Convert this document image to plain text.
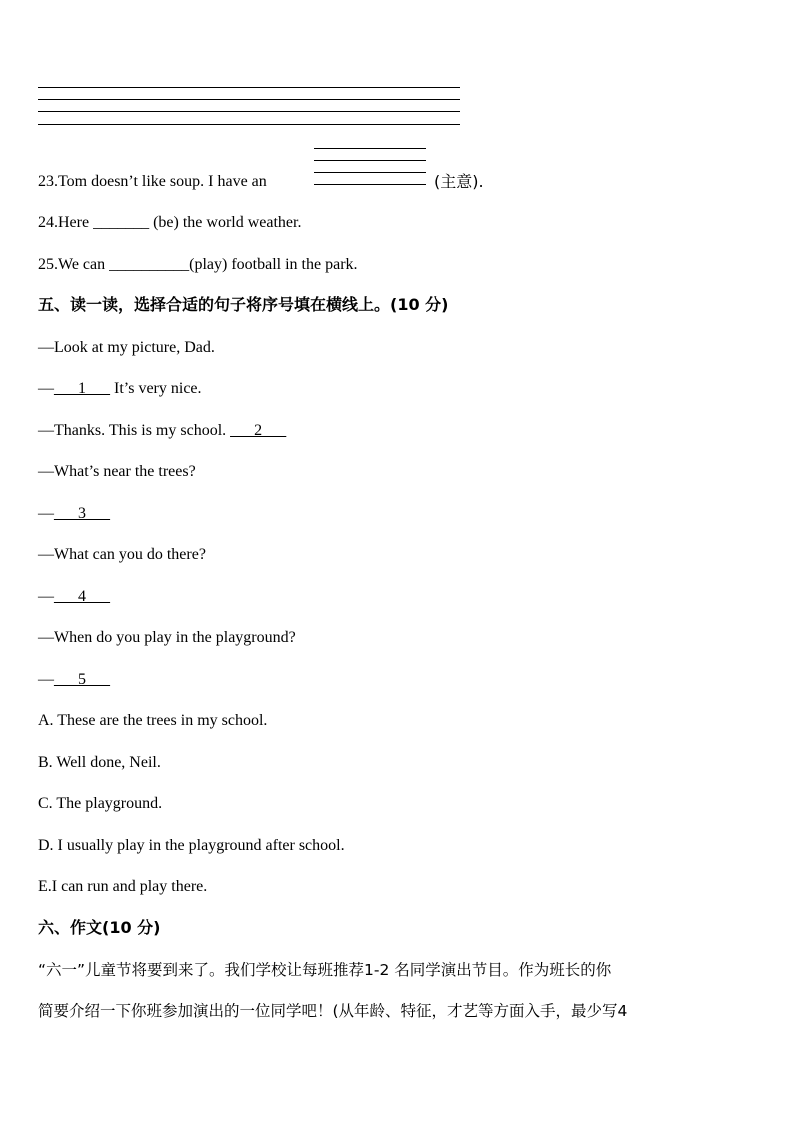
23.Tom doesn’t like soup. I have an	(主意).
24.Here _______ (be) the world weather.
25.We can __________(play) football in the park.
五、读一读，选择合适的句子将序号填在横线上。(10 分)
—Look at my picture, Dad.
—___1___ It’s very nice.
—Thanks. This is my school. ___2___
—What’s near the trees?
—___3___
—What can you do there?
—___4___
—When do you play in the playground?
—___5___
A. These are the trees in my school.
B. Well done, Neil.
C. The playground.
D. I usually play in the playground after school.
E.I can run and play there.
六、作文(10 分)
“六一”儿童节将要到来了。我们学校让每班推荐1-2 名同学演出节目。作为班长的你
简要介绍一下你班参加演出的一位同学吧！(从年龄、特征，才艺等方面入手，最少写4
